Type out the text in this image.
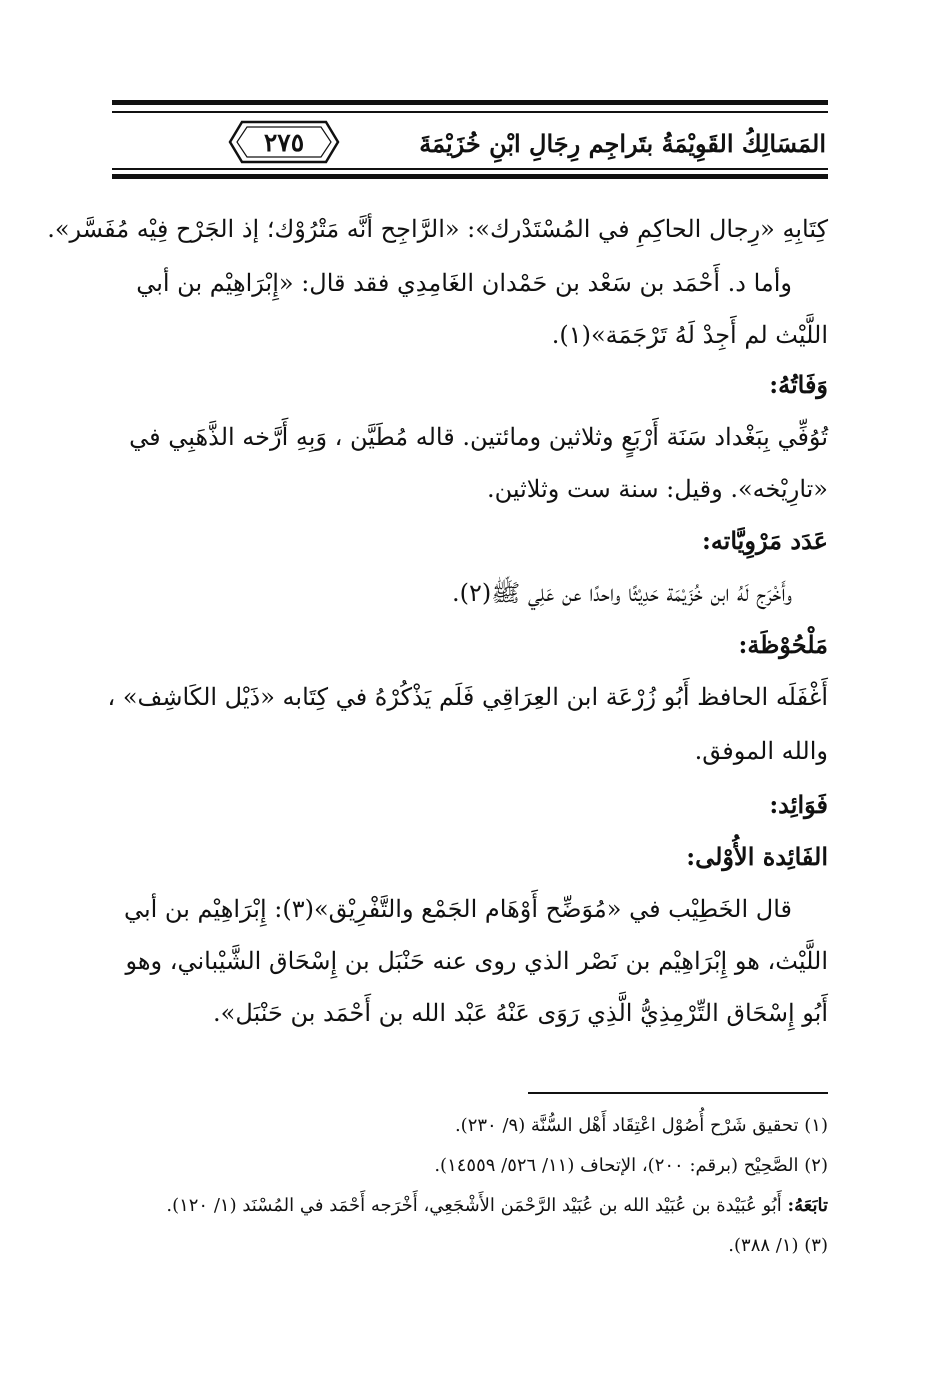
٢٧٥	المَسَالِكُ القَوِيْمَةُ بتَراجِم رِجَالِ ابْنِ خُزَيْمَةَ
كِتَابِهِ «رِجال الحاكِمِ في المُسْتَدْرك»: «الرَّاجِح أنَّه مَتْرُوْك؛ إذ الجَرْح فِيْه مُفَسَّر».
وأما د. أَحْمَد بن سَعْد بن حَمْدان الغَامِدِي فقد قال: «إِبْرَاهِيْم بن أبي
اللَّيْث لم أَجِدْ لَهُ تَرْجَمَة»(١).
وَفَاتُهُ:
تُوُفِّي بِبَغْداد سَنَة أَرْبَعٍ وثلاثين ومائتين. قاله مُطَيَّن ، وَبِهِ أَرَّخه الذَّهَبِي في
«تارِيْخه». وقيل: سنة ست وثلاثين.
عَدَد مَرْوِيَّاته:
وأَخْرَج لَهُ ابن خُزَيْمَة حَدِيْثًا واحدًا عن عَلِي ﷺ(٢).
مَلْحُوْظَة:
أَغْفَلَه الحافظ أَبُو زُرْعَة ابن العِرَاقِي فَلَم يَذْكُرْهُ في كِتَابه «ذَيْل الكَاشِف» ،
والله الموفق.
فَوَائِد:
الفَائِدة الأُوْلى:
قال الخَطِيْب في «مُوَضِّح أَوْهَام الجَمْع والتَّفْرِيْق»(٣): إِبْرَاهِيْم بن أبي
اللَّيْث، هو إِبْرَاهِيْم بن نَصْر الذي روى عنه حَنْبَل بن إِسْحَاق الشَّيْباني، وهو
أَبُو إِسْحَاق التِّرْمِذِيُّ الَّذِي رَوَى عَنْهُ عَبْد الله بن أَحْمَد بن حَنْبَل».
(١) تحقيق شَرْح أُصُوْل اعْتِقَاد أَهْل السُّنَّة (٩/ ٢٣٠).
(٢) الصَّحِيْح (برقم: ٢٠٠)، الإتحاف (١١/ ٥٢٦/ ١٤٥٥٩).
تابَعَهُ: أَبُو عُبَيْدة بن عُبَيْد الله بن عُبَيْد الرَّحْمَن الأَشْجَعِي، أَخْرَجه أَحْمَد في المُسْنَد (١/ ١٢٠).
(٣) (١/ ٣٨٨).
